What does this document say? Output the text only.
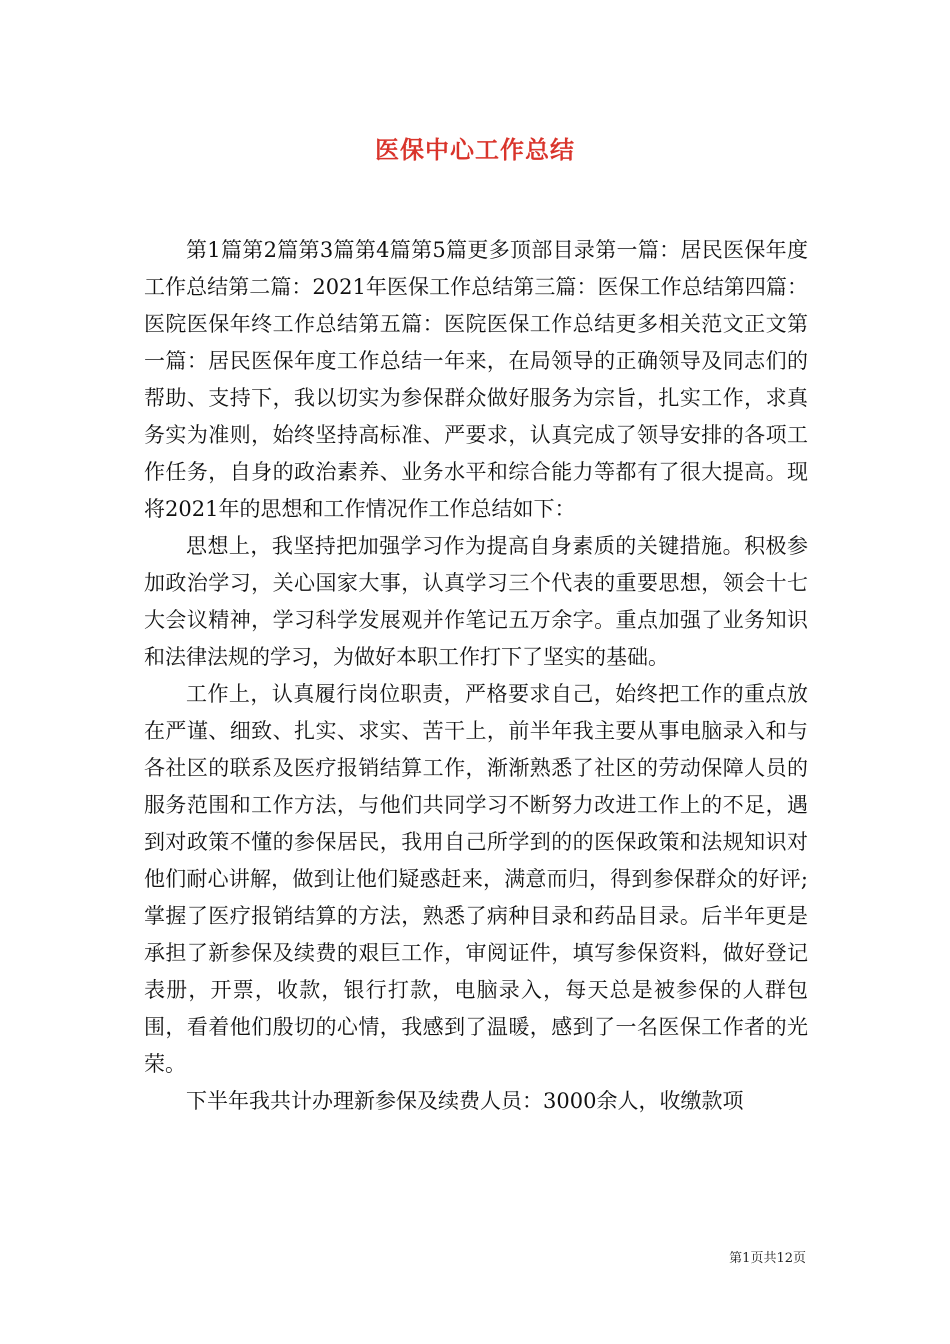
医保中心工作总结

第1篇第2篇第3篇第4篇第5篇更多顶部目录第一篇：居民医保年度工作总结第二篇：2021年医保工作总结第三篇：医保工作总结第四篇：医院医保年终工作总结第五篇：医院医保工作总结更多相关范文正文第一篇：居民医保年度工作总结一年来，在局领导的正确领导及同志们的帮助、支持下，我以切实为参保群众做好服务为宗旨，扎实工作，求真务实为准则，始终坚持高标准、严要求，认真完成了领导安排的各项工作任务，自身的政治素养、业务水平和综合能力等都有了很大提高。现将2021年的思想和工作情况作工作总结如下：

思想上，我坚持把加强学习作为提高自身素质的关键措施。积极参加政治学习，关心国家大事，认真学习三个代表的重要思想，领会十七大会议精神，学习科学发展观并作笔记五万余字。重点加强了业务知识和法律法规的学习，为做好本职工作打下了坚实的基础。

工作上，认真履行岗位职责，严格要求自己，始终把工作的重点放在严谨、细致、扎实、求实、苦干上，前半年我主要从事电脑录入和与各社区的联系及医疗报销结算工作，渐渐熟悉了社区的劳动保障人员的服务范围和工作方法，与他们共同学习不断努力改进工作上的不足，遇到对政策不懂的参保居民，我用自己所学到的的医保政策和法规知识对他们耐心讲解，做到让他们疑惑赶来，满意而归，得到参保群众的好评;掌握了医疗报销结算的方法，熟悉了病种目录和药品目录。后半年更是承担了新参保及续费的艰巨工作，审阅证件，填写参保资料，做好登记表册，开票，收款，银行打款，电脑录入，每天总是被参保的人群包围，看着他们殷切的心情，我感到了温暖，感到了一名医保工作者的光荣。

下半年我共计办理新参保及续费人员：3000余人，收缴款项

第1页共12页
